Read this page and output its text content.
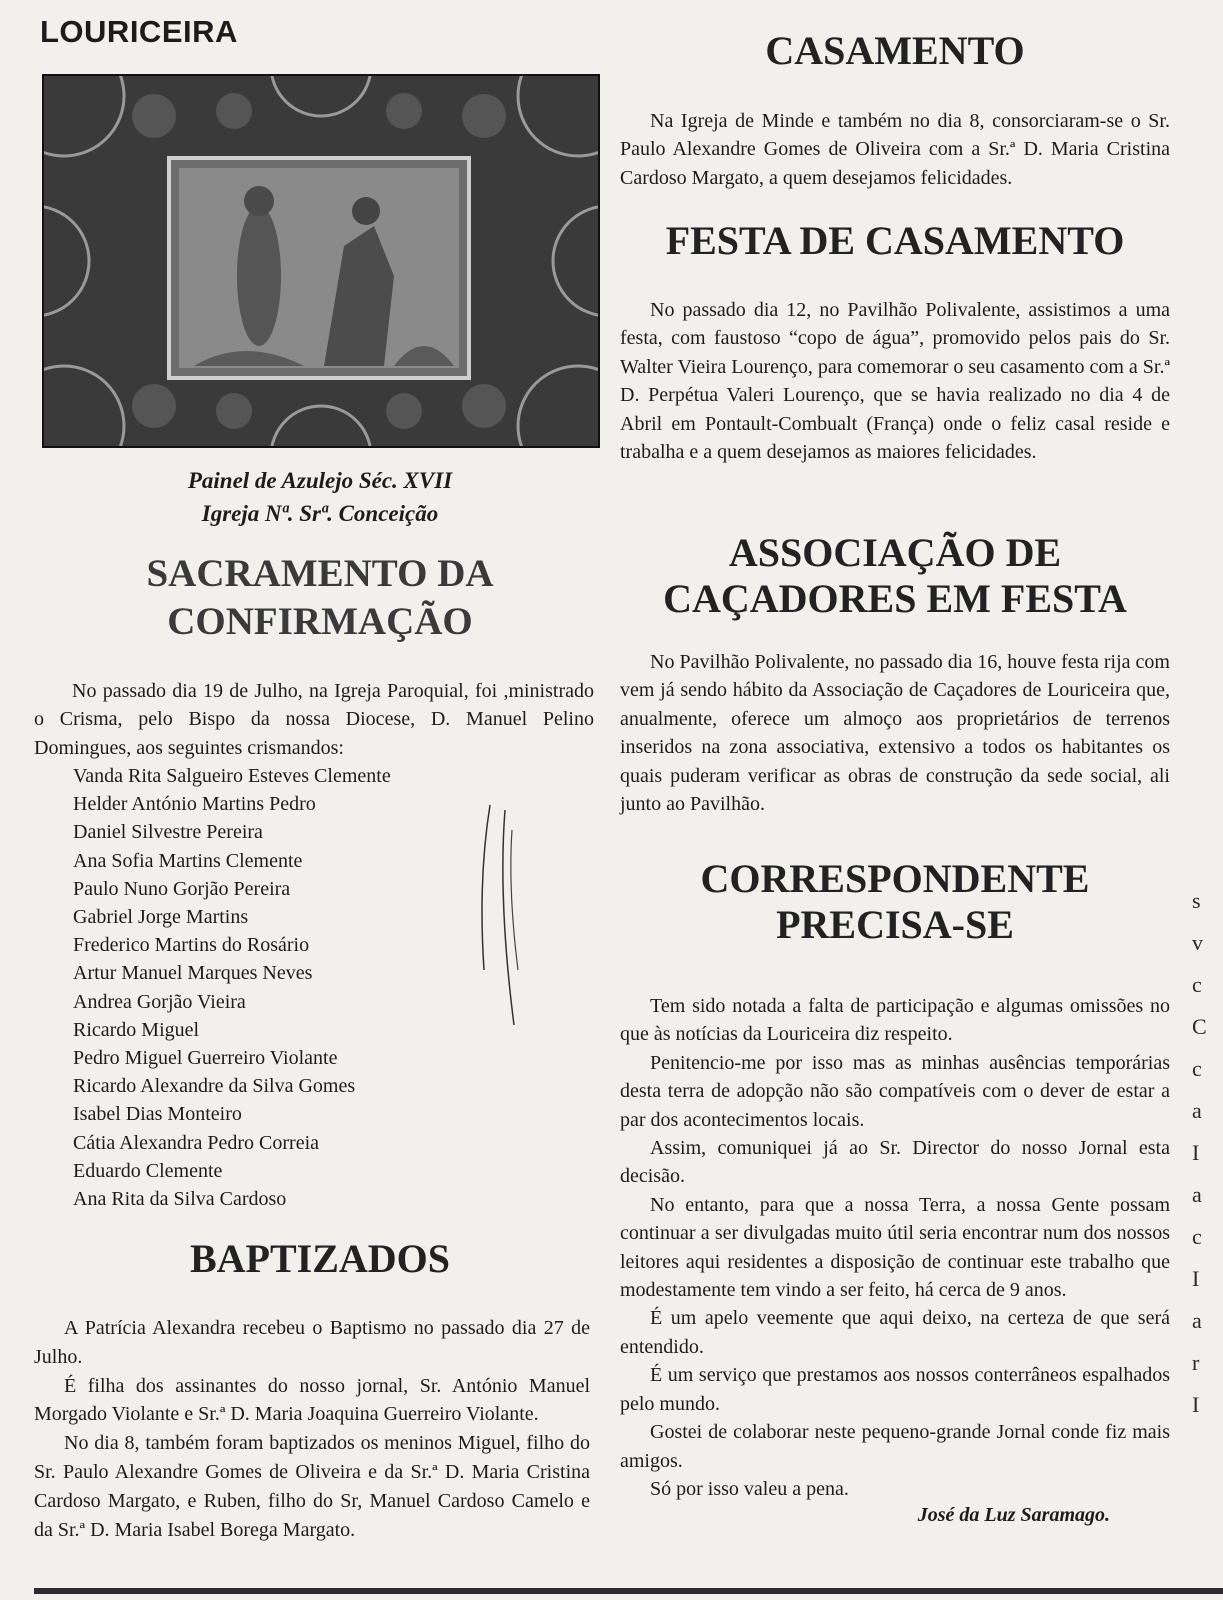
LOURICEIRA
Painel de Azulejo Séc. XVII
Igreja Nª. Srª. Conceição
SACRAMENTO DA
CONFIRMAÇÃO

No passado dia 19 de Julho, na Igreja Paroquial, foi ,ministrado o Crisma, pelo Bispo da nossa Diocese, D. Manuel Pelino Domingues, aos seguintes crismandos:

Vanda Rita Salgueiro Esteves Clemente
Helder António Martins Pedro
Daniel Silvestre Pereira
Ana Sofia Martins Clemente
Paulo Nuno Gorjão Pereira
Gabriel Jorge Martins
Frederico Martins do Rosário
Artur Manuel Marques Neves
Andrea Gorjão Vieira
Ricardo Miguel
Pedro Miguel Guerreiro Violante
Ricardo Alexandre da Silva Gomes
Isabel Dias Monteiro
Cátia Alexandra Pedro Correia
Eduardo Clemente
Ana Rita da Silva Cardoso
BAPTIZADOS

A Patrícia Alexandra recebeu o Baptismo no passado dia 27 de Julho.

É filha dos assinantes do nosso jornal, Sr. António Manuel Morgado Violante e Sr.ª D. Maria Joaquina Guerreiro Violante.

No dia 8, também foram baptizados os meninos Miguel, filho do Sr. Paulo Alexandre Gomes de Oliveira e da Sr.ª D. Maria Cristina Cardoso Margato, e Ruben, filho do Sr, Manuel Cardoso Camelo e da Sr.ª D. Maria Isabel Borega Margato.

CASAMENTO

Na Igreja de Minde e também no dia 8, consorciaram-se o Sr. Paulo Alexandre Gomes de Oliveira com a Sr.ª D. Maria Cristina Cardoso Margato, a quem desejamos felicidades.

FESTA DE CASAMENTO

No passado dia 12, no Pavilhão Polivalente, assistimos a uma festa, com faustoso “copo de água”, promovido pelos pais do Sr. Walter Vieira Lourenço, para comemorar o seu casamento com a Sr.ª D. Perpétua Valeri Lourenço, que se havia realizado no dia 4 de Abril em Pontault-Combualt (França) onde o feliz casal reside e trabalha e a quem desejamos as maiores felicidades.

ASSOCIAÇÃO DE
CAÇADORES EM FESTA

No Pavilhão Polivalente, no passado dia 16, houve festa rija com vem já sendo hábito da Associação de Caçadores de Louriceira que, anualmente, oferece um almoço aos proprietários de terrenos inseridos na zona associativa, extensivo a todos os habitantes os quais puderam verificar as obras de construção da sede social, ali junto ao Pavilhão.

CORRESPONDENTE
PRECISA-SE

Tem sido notada a falta de participação e algumas omissões no que às notícias da Louriceira diz respeito.

Penitencio-me por isso mas as minhas ausências temporárias desta terra de adopção não são compatíveis com o dever de estar a par dos acontecimentos locais.

Assim, comuniquei já ao Sr. Director do nosso Jornal esta decisão.

No entanto, para que a nossa Terra, a nossa Gente possam continuar a ser divulgadas muito útil seria encontrar num dos nossos leitores aqui residentes a disposição de continuar este trabalho que modestamente tem vindo a ser feito, há cerca de 9 anos.

É um apelo veemente que aqui deixo, na certeza de que será entendido.

É um serviço que prestamos aos nossos conterrâneos espalhados pelo mundo.

Gostei de colaborar neste pequeno-grande Jornal conde fiz mais amigos.

Só por isso valeu a pena.

José da Luz Saramago.
s
v
c
C
c
a
I
a
c
I
a
r
I
